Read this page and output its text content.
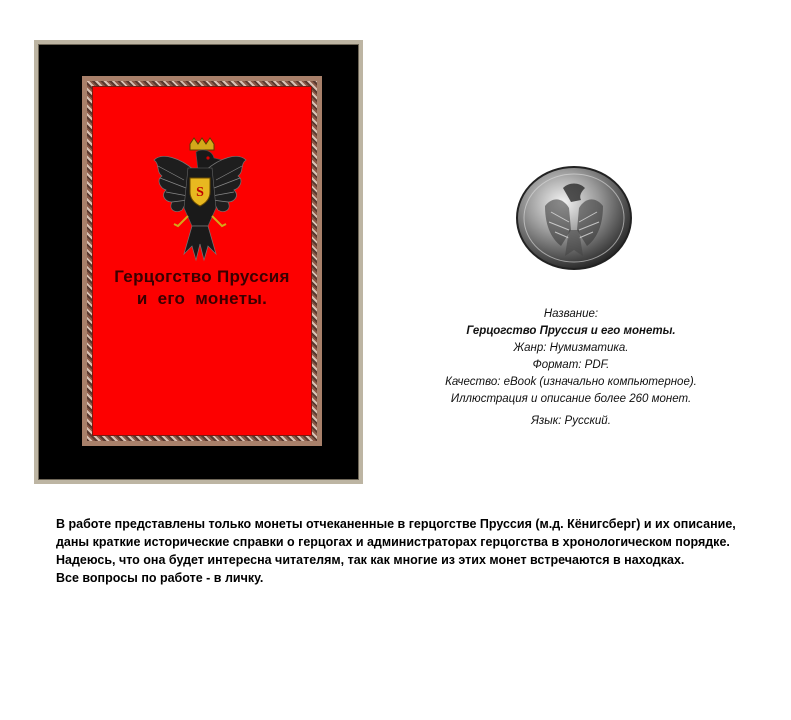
S
Герцогство Пруссия
и  его  монеты.
Название:
Герцогство Пруссия и его монеты.
Жанр: Нумизматика.
Формат: PDF.
Качество: eBook (изначально компьютерное).
Иллюстрация и описание более 260 монет.
Язык: Русский.

В работе представлены только монеты отчеканенные в герцогстве Пруссия (м.д. Кёнигсберг) и их описание, даны краткие исторические справки о герцогах и администраторах герцогства в хронологическом порядке.

Надеюсь, что она будет интересна читателям, так как многие из этих монет встречаются в находках.

Все вопросы по работе - в личку.
